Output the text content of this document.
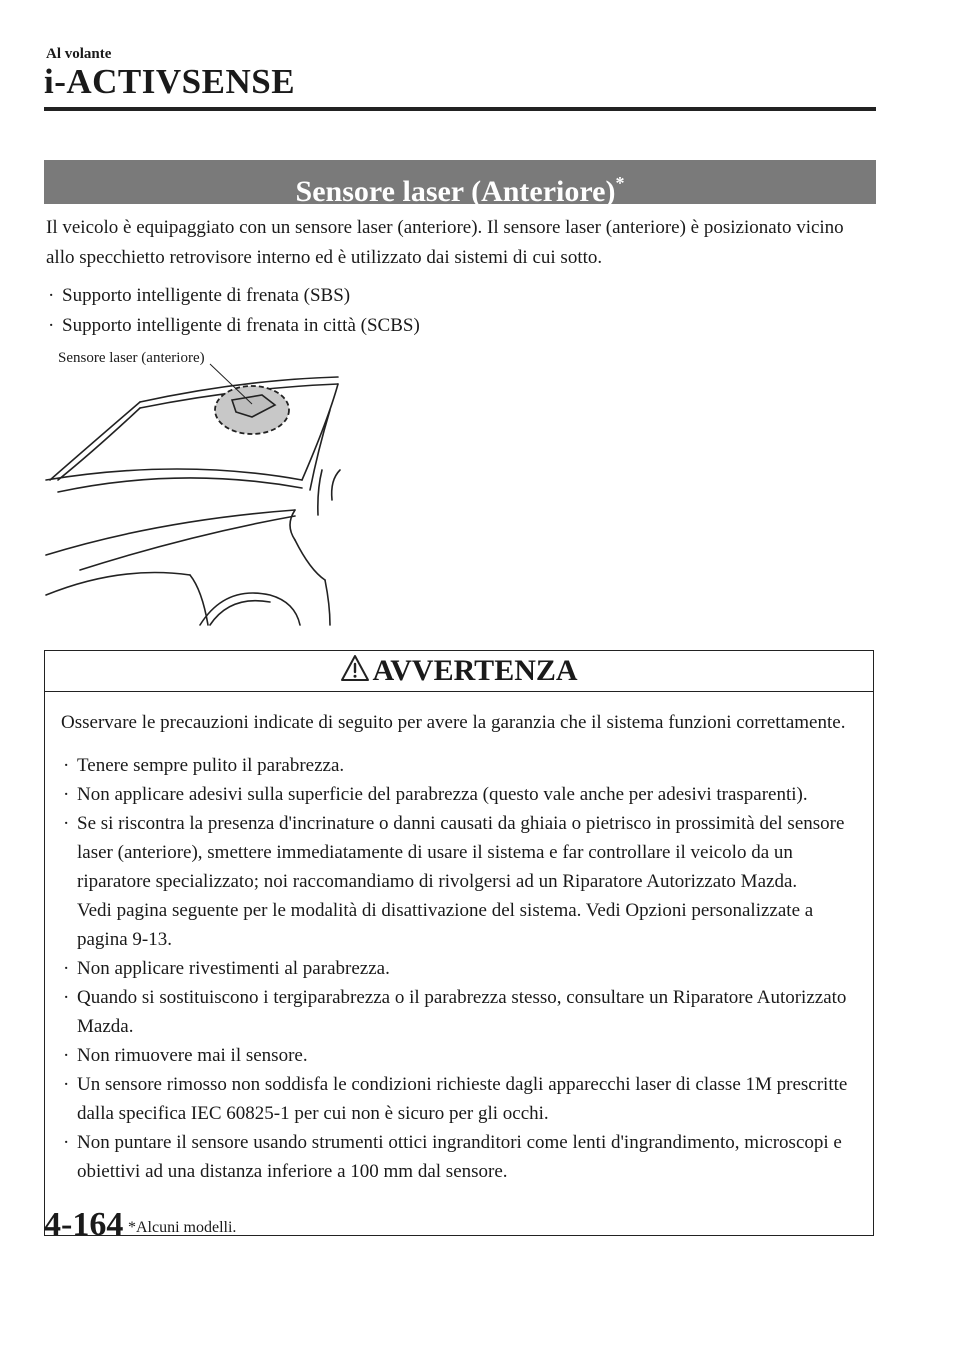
Al volante
i-ACTIVSENSE
Sensore laser (Anteriore)*

Il veicolo è equipaggiato con un sensore laser (anteriore). Il sensore laser (anteriore) è posizionato vicino allo specchietto retrovisore interno ed è utilizzato dai sistemi di cui sotto.

· Supporto intelligente di frenata (SBS)
· Supporto intelligente di frenata in città (SCBS)
Sensore laser (anteriore)
AVVERTENZA
Osservare le precauzioni indicate di seguito per avere la garanzia che il sistema funzioni correttamente.
· Tenere sempre pulito il parabrezza.
· Non applicare adesivi sulla superficie del parabrezza (questo vale anche per adesivi trasparenti).
· Se si riscontra la presenza d'incrinature o danni causati da ghiaia o pietrisco in prossimità del sensore laser (anteriore), smettere immediatamente di usare il sistema e far controllare il veicolo da un riparatore specializzato; noi raccomandiamo di rivolgersi ad un Riparatore Autorizzato Mazda.
Vedi pagina seguente per le modalità di disattivazione del sistema. Vedi Opzioni personalizzate a pagina 9-13.
· Non applicare rivestimenti al parabrezza.
· Quando si sostituiscono i tergiparabrezza o il parabrezza stesso, consultare un Riparatore Autorizzato Mazda.
· Non rimuovere mai il sensore.
· Un sensore rimosso non soddisfa le condizioni richieste dagli apparecchi laser di classe 1M prescritte dalla specifica IEC 60825-1 per cui non è sicuro per gli occhi.
· Non puntare il sensore usando strumenti ottici ingranditori come lenti d'ingrandimento, microscopi e obiettivi ad una distanza inferiore a 100 mm dal sensore.
4-164 *Alcuni modelli.
